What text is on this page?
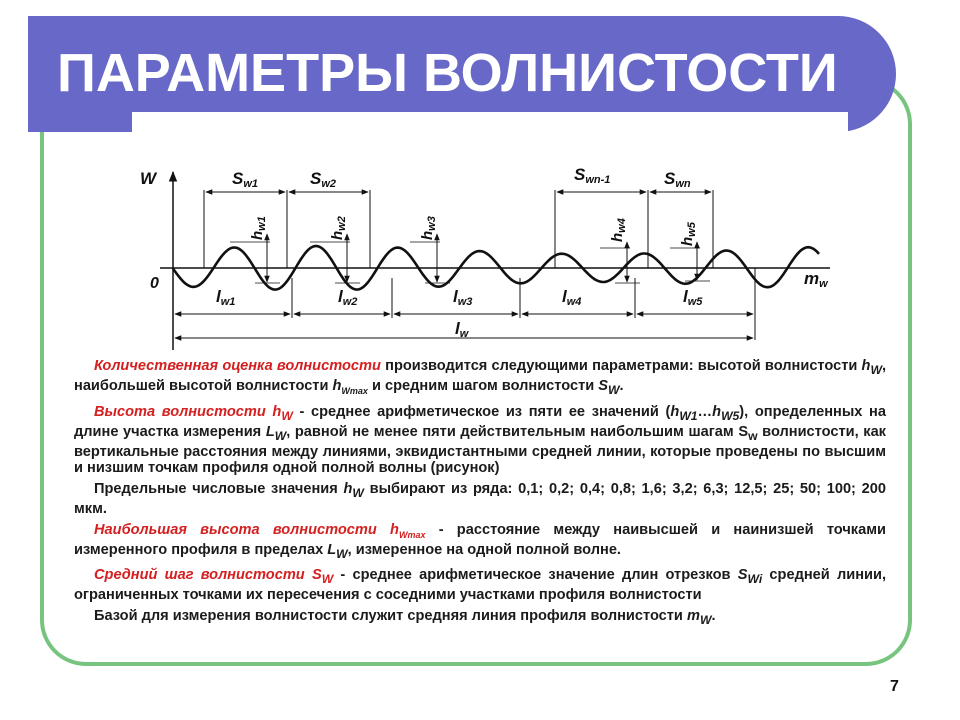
ПАРАМЕТРЫ ВОЛНИСТОСТИ
Sw1	Sw2	Swn-1	Swn
$h_{w1}$
$h_{w2}$
$h_{w3}$
$h_{w4}$
$h_{w5}$
lw1	lw2	lw3	lw4	lw5
lw
W
0	mw

Количественная оценка волнистости производится следующими параметрами: высотой волнистости $h_W$, наибольшей высотой волнистости $h_{Wmax}$ и средним шагом волнистости $S_W$.

Высота волнистости $h_W$ - среднее арифметическое из пяти ее значений $(h_{W1}\dots h_{W5})$, определенных на длине участка измерения $L_W$, равной не менее пяти действительным наибольшим шагам $S_w$ волнистости, как вертикальные расстояния между линиями, эквидистантными средней линии, которые проведены по высшим и низшим точкам профиля одной полной волны (рисунок)

Предельные числовые значения $h_W$ выбирают из ряда: 0,1; 0,2; 0,4; 0,8; 1,6; 3,2; 6,3; 12,5; 25; 50; 100; 200 мкм.

Наибольшая высота волнистости $h_{Wmax}$ - расстояние между наивысшей и наинизшей точками измеренного профиля в пределах $L_W$, измеренное на одной полной волне.

Средний шаг волнистости $S_W$ - среднее арифметическое значение длин отрезков $S_{Wi}$ средней линии, ограниченных точками их пересечения с соседними участками профиля волнистости

Базой для измерения волнистости служит средняя линия профиля волнистости $m_W$.

7
